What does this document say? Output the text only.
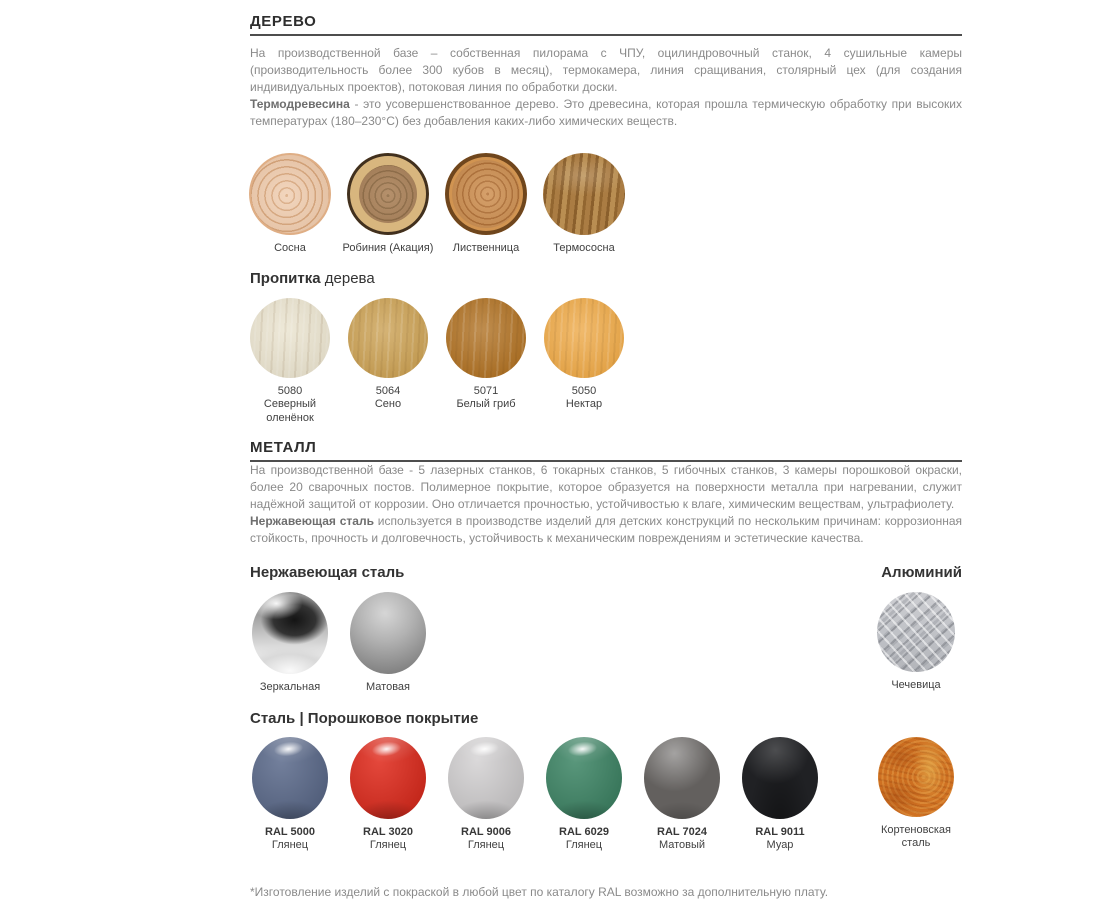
ДЕРЕВО

На производственной базе – собственная пилорама с ЧПУ, оцилиндровочный станок, 4 сушильные камеры (производительность более 300 кубов в месяц), термокамера, линия сращивания, столярный цех (для создания индивидуальных проектов), потоковая линия по обработки доски.

Термодревесина - это усовершенствованное дерево. Это древесина, которая прошла термическую обработку при высоких температурах (180–230°С) без добавления каких-либо химических веществ.

Сосна	Робиния (Акация) Лиственница	Термососна
Пропитка дерева
5080
Северный оленёнок
5064
Сено
5071
Белый гриб
5050
Нектар
МЕТАЛЛ

На производственной базе - 5 лазерных станков, 6 токарных станков, 5 гибочных станков, 3 камеры порошковой окраски, более 20 сварочных постов. Полимерное покрытие, которое образуется на поверхности металла при нагревании, служит надёжной защитой от коррозии. Оно отличается прочностью, устойчивостью к влаге, химическим веществам, ультрафиолету.

Нержавеющая сталь используется в производстве изделий для детских конструкций по нескольким причинам: коррозионная стойкость, прочность и долговечность, устойчивость к механическим повреждениям и эстетические качества.

Нержавеющая сталь	Алюминий
Зеркальная	Матовая	Чечевица
Сталь | Порошковое покрытие
RAL 5000
Глянец
RAL 3020
Глянец
RAL 9006
Глянец
RAL 6029
Глянец
RAL 7024
Матовый
RAL 9011
Муар
Кортеновская сталь

*Изготовление изделий с покраской в любой цвет по каталогу RAL возможно за дополнительную плату.
